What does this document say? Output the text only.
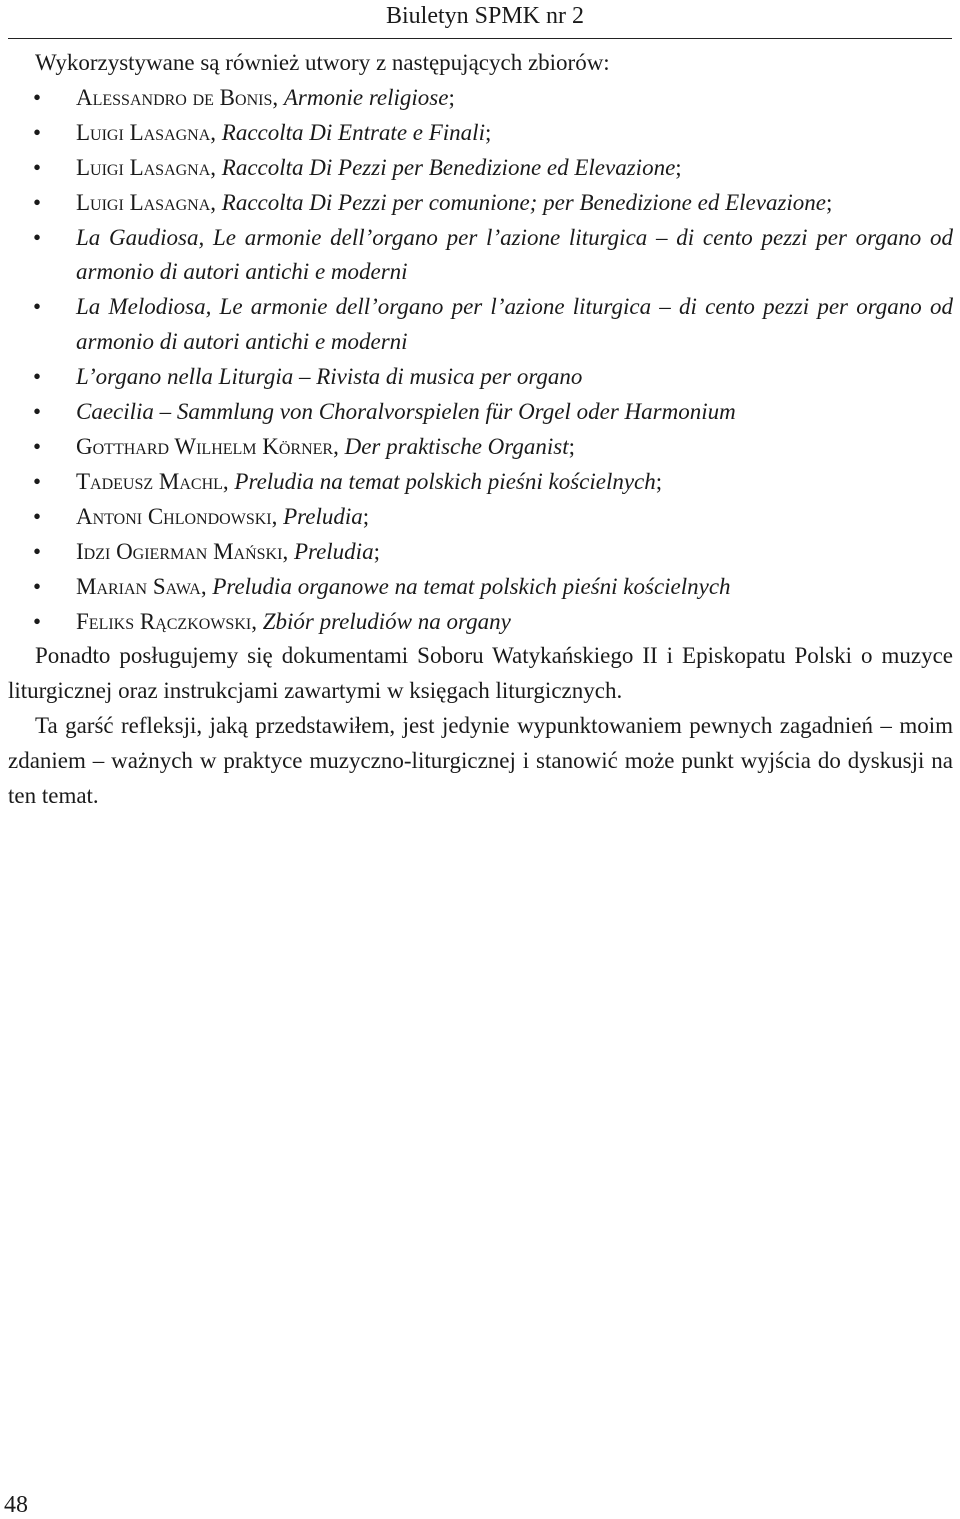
Biuletyn SPMK nr 2

Wykorzystywane są również utwory z następujących zbiorów:

• Alessandro de Bonis, Armonie religiose;
• Luigi Lasagna, Raccolta Di Entrate e Finali;
• Luigi Lasagna, Raccolta Di Pezzi per Benedizione ed Elevazione;
• Luigi Lasagna, Raccolta Di Pezzi per comunione; per Benedizione ed Elevazione;
• La Gaudiosa, Le armonie dell’organo per l’azione liturgica – di cento pezzi per organo od armonio di autori antichi e moderni
• La Melodiosa, Le armonie dell’organo per l’azione liturgica – di cento pezzi per organo od armonio di autori antichi e moderni
• L’organo nella Liturgia – Rivista di musica per organo
• Caecilia – Sammlung von Choralvorspielen für Orgel oder Harmonium
• Gotthard Wilhelm Körner, Der praktische Organist;
• Tadeusz Machl, Preludia na temat polskich pieśni kościelnych;
• Antoni Chlondowski, Preludia;
• Idzi Ogierman Mański, Preludia;
• Marian Sawa, Preludia organowe na temat polskich pieśni kościelnych
• Feliks Rączkowski, Zbiór preludiów na organy

Ponadto posługujemy się dokumentami Soboru Watykańskiego II i Episkopatu Polski o muzyce liturgicznej oraz instrukcjami zawartymi w księgach liturgicznych.

Ta garść refleksji, jaką przedstawiłem, jest jedynie wypunktowaniem pewnych zagadnień – moim zdaniem – ważnych w praktyce muzyczno-liturgicznej i stanowić może punkt wyjścia do dyskusji na ten temat.

48
